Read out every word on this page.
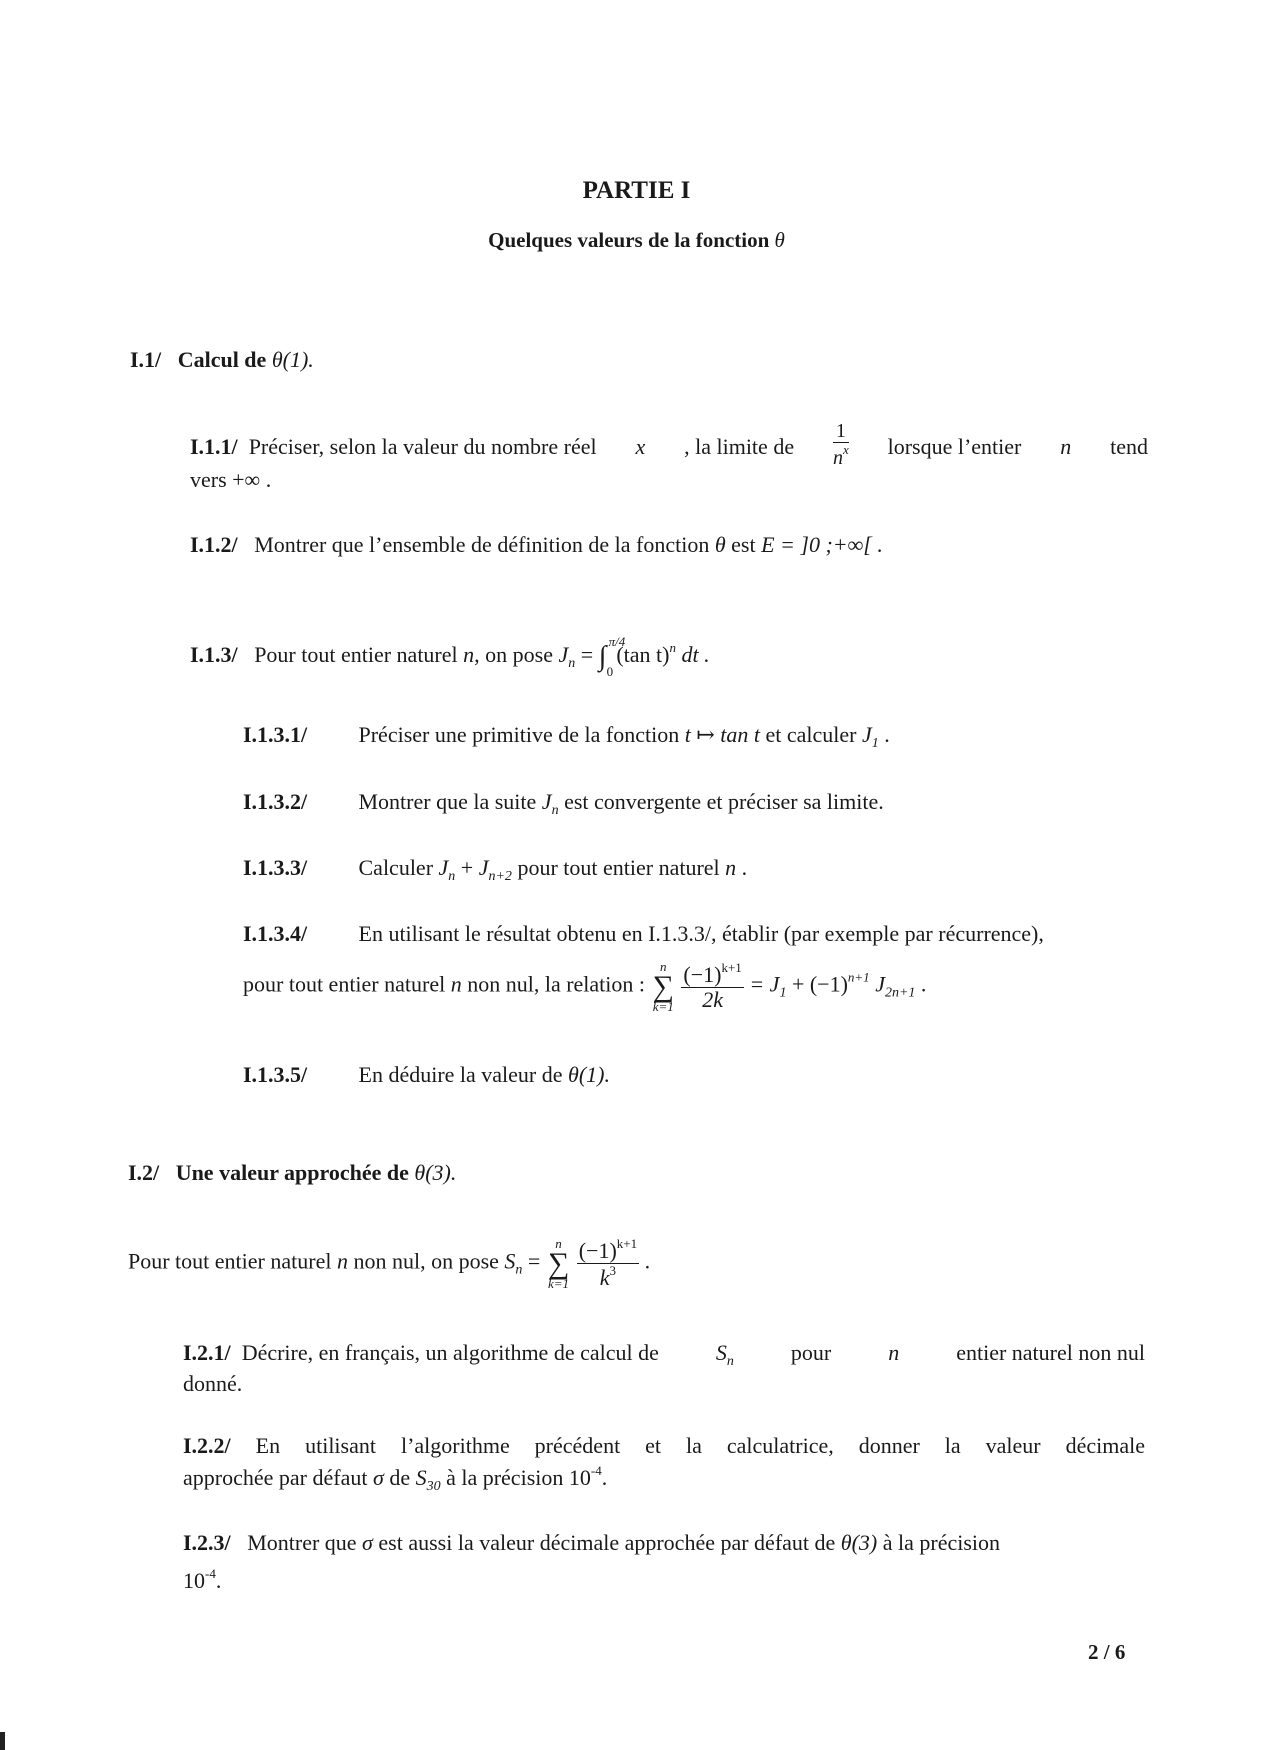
PARTIE I
Quelques valeurs de la fonction θ
I.1/ Calcul de θ(1).
I.1.1/ Préciser, selon la valeur du nombre réel x , la limite de $\frac{1}{n^x}$ lorsque l’entier n tend
vers +∞ .
I.1.2/ Montrer que l’ensemble de définition de la fonction θ est E = ]0 ;+∞[ .
I.1.3/ Pour tout entier naturel n, on pose $J_n$ = ∫ π/4
0
(tan t)$^n$ dt .
I.1.3.1/ Préciser une primitive de la fonction t ↦ tan t et calculer $J_1$ .
I.1.3.2/ Montrer que la suite $J_n$ est convergente et préciser sa limite.
I.1.3.3/ Calculer $J_n + J_{n+2}$ pour tout entier naturel n .
I.1.3.4/ En utilisant le résultat obtenu en I.1.3.3/, établir (par exemple par récurrence),
pour tout entier naturel n non nul, la relation :
n
∑
k=1
$\frac{(-1)^{k+1}}{2k} = J_1 + (-1)^{n+1}$ $J_{2n+1}$ .
I.1.3.5/ En déduire la valeur de θ(1).
I.2/ Une valeur approchée de θ(3).
Pour tout entier naturel n non nul, on pose $S_n$ =
n
∑
k=1
$\frac{(-1)^{k+1}}{k^3}$ .
I.2.1/ Décrire, en français, un algorithme de calcul de	$S_n$	pour	n	entier naturel non nul
donné.
I.2.2/ En utilisant l’algorithme précédent et la calculatrice, donner la valeur décimale
approchée par défaut σ de $S_{30}$ à la précision $10^{-4}$.
I.2.3/ Montrer que σ est aussi la valeur décimale approchée par défaut de θ(3) à la précision
$10^{-4}$.
2 / 6
